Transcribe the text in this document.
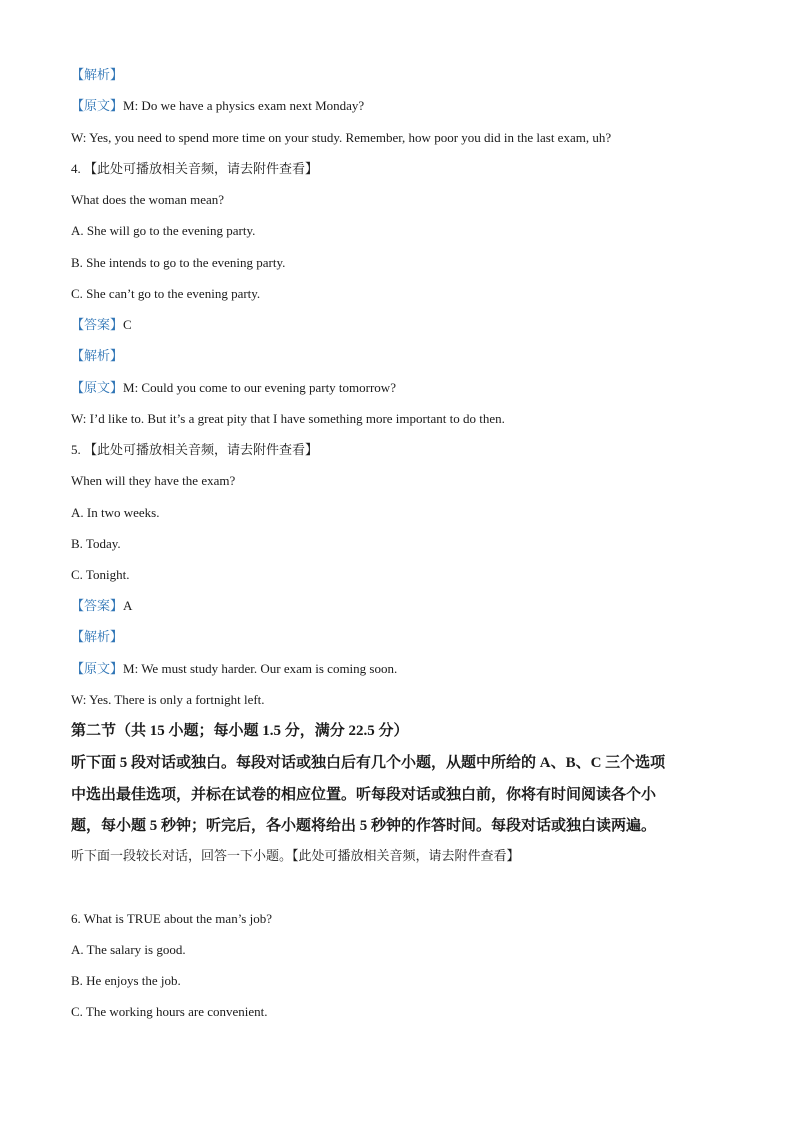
【解析】
【原文】M: Do we have a physics exam next Monday?
W: Yes, you need to spend more time on your study. Remember, how poor you did in the last exam, uh?
4. 【此处可播放相关音频，请去附件查看】
What does the woman mean?
A. She will go to the evening party.
B. She intends to go to the evening party.
C. She can’t go to the evening party.
【答案】C
【解析】
【原文】M: Could you come to our evening party tomorrow?
W: I’d like to. But it’s a great pity that I have something more important to do then.
5. 【此处可播放相关音频，请去附件查看】
When will they have the exam?
A. In two weeks.
B. Today.
C. Tonight.
【答案】A
【解析】
【原文】M: We must study harder. Our exam is coming soon.
W: Yes. There is only a fortnight left.
第二节（共 15 小题；每小题 1.5 分，满分 22.5 分）
听下面 5 段对话或独白。每段对话或独白后有几个小题，从题中所给的 A、B、C 三个选项
中选出最佳选项，并标在试卷的相应位置。听每段对话或独白前，你将有时间阅读各个小
题，每小题 5 秒钟；听完后，各小题将给出 5 秒钟的作答时间。每段对话或独白读两遍。
听下面一段较长对话，回答一下小题。【此处可播放相关音频，请去附件查看】
6. What is TRUE about the man’s job?
A. The salary is good.
B. He enjoys the job.
C. The working hours are convenient.
